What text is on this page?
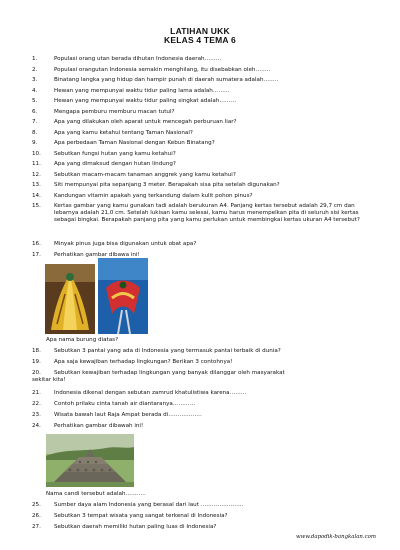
LATIHAN UKK
KELAS 4 TEMA 6
1.	Populasi orang utan berada dihutan Indonesia daerah……...
2.	Populasi orangutan Indonesia semakin menghilang, itu disebabkan oleh……..
3.	Binatang langka yang hidup dan hampir punah di daerah sumatera adalah……..
4.	Hewan yang mempunyai waktu tidur paling lama adalah………
5.	Hewan yang mempunyai waktu tidur paling singkat adalah………
6.	Mengapa pemburu memburu macan tutul?
7.	Apa yang dilakukan oleh aparat untuk mencegah perburuan liar?
8.	Apa yang kamu ketahui tentang Taman Nasional?
9.	Apa perbedaan Taman Nasional dengan Kebun Binatang?
10. Sebutkan fungsi hutan yang kamu ketahui?
11. Apa yang dimaksud dengan hutan lindung?
12. Sebutkan macam-macam tanaman anggrek yang kamu ketahui?
13. Siti mempunyai pita sepanjang 3 meter. Berapakah sisa pita setelah digunakan?
14. Kandungan vitamin apakah yang terkandung dalam kulit pohon pinus?
15. Kertas gambar yang kamu gunakan tadi adalah berukuran A4. Panjang kertas tersebut adalah 29,7 cm dan lebarnya adalah 21,0 cm. Setelah lukisan kamu selesai, kamu harus menempelkan pita di seluruh sisi kertas sebagai bingkai. Berapakah panjang pita yang kamu perlukan untuk membingkai kertas ukuran A4 tersebut?
16. Minyak pinus juga bisa digunakan untuk obat apa?
17. Perhatikan gambar dibawa ini!
Apa nama burung diatas?
18. Sebutkan 3 pantai yang ada di Indonesia yang termasuk pantai terbaik di dunia?
19. Apa saja kewajiban terhadap lingkungan? Berikan 3 contohnya!
20. Sebutkan kewajiban terhadap lingkungan yang banyak dilanggar oleh masyarakat
sekitar kita!
21. Indonesia dikenal dengan sebutan zamrud khatulistiwa karena………
22. Contoh prilaku cinta tanah air diantaranya…………
23. Wisata bawah laut Raja Ampat berada di………………
24. Perhatikan gambar dibawah ini!
Nama candi tersebut adalah………..
25. Sumber daya alam Indonesia yang berasal dari laut …………………..
26. Sebutkan 3 tempat wisata yang sangat terkenal di Indonesia?
27. Sebutkan daerah memiliki hutan paling luas di Indonesia?
www.dapodik-bangkalan.com
